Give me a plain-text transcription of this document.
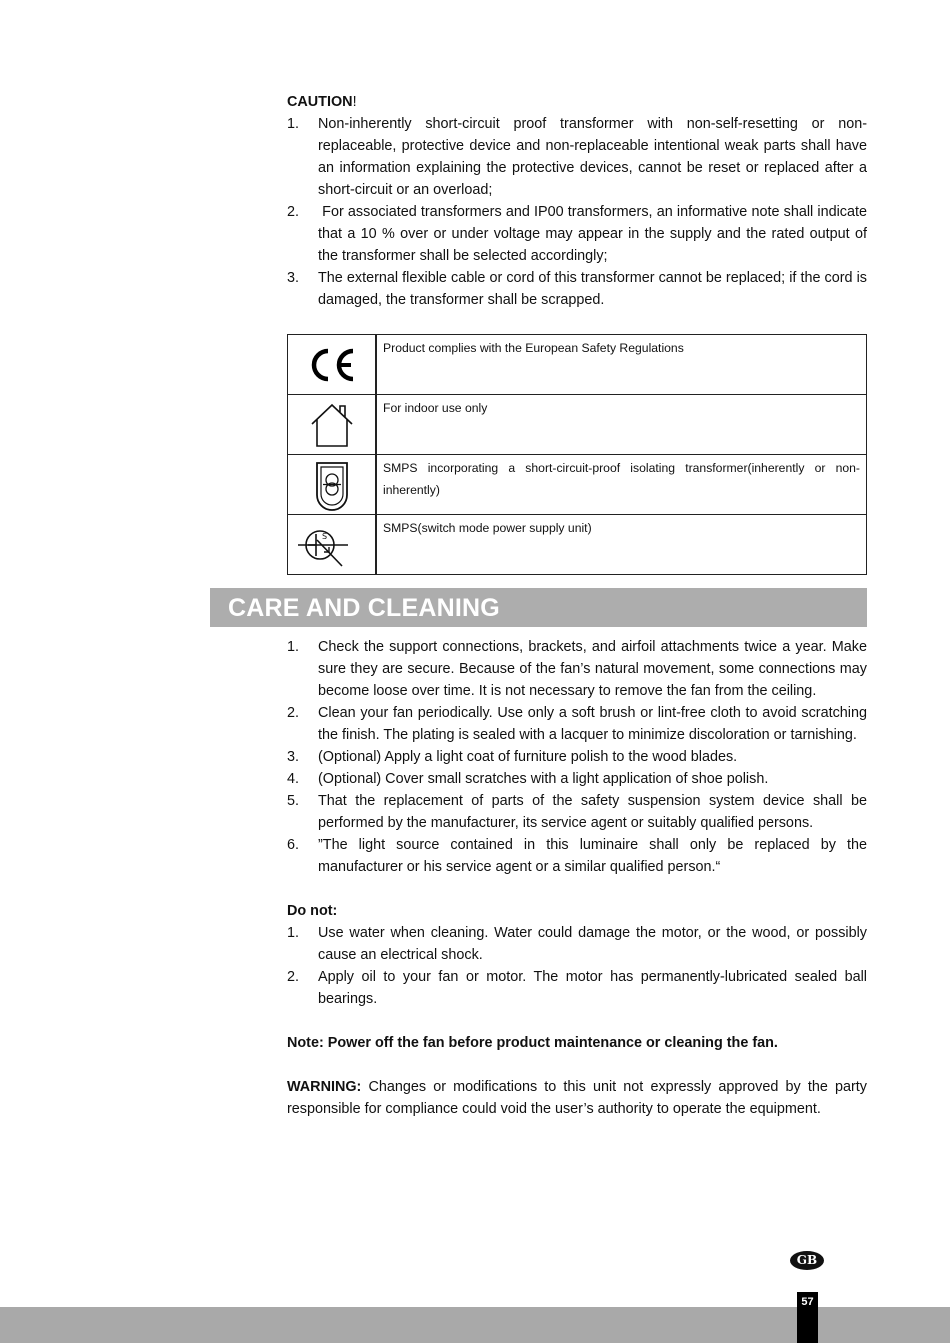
CAUTION!
1. Non-inherently short-circuit proof transformer with non-self-resetting or non-replaceable, protective device and non-replaceable intentional weak parts shall have an information explaining the protective devices, cannot be reset or replaced after a short-circuit or an overload;
2. For associated transformers and IP00 transformers, an informative note shall indicate that a 10 % over or under voltage may appear in the supply and the rated output of the transformer shall be selected accordingly;
3. The external flexible cable or cord of this transformer cannot be replaced; if the cord is damaged, the transformer shall be scrapped.
	Product complies with the European Safety Regulations

	For indoor use only

	SMPS incorporating a short-circuit-proof isolating transformer(inherently or non- inherently)

S	SMPS(switch mode power supply unit)
CARE AND CLEANING
1. Check the support connections, brackets, and airfoil attachments twice a year. Make sure they are secure. Because of the fan’s natural movement, some connections may become loose over time. It is not necessary to remove the fan from the ceiling.
2. Clean your fan periodically. Use only a soft brush or lint-free cloth to avoid scratching the finish. The plating is sealed with a lacquer to minimize discoloration or tarnishing.
3. (Optional) Apply a light coat of furniture polish to the wood blades.
4. (Optional) Cover small scratches with a light application of shoe polish.
5. That the replacement of parts of the safety suspension system device shall be performed by the manufacturer, its service agent or suitably qualified persons.
6. ”The light source contained in this luminaire shall only be replaced by the manufacturer or his service agent or a similar qualified person.“
Do not:
1. Use water when cleaning. Water could damage the motor, or the wood, or possibly cause an electrical shock.
2. Apply oil to your fan or motor. The motor has permanently-lubricated sealed ball bearings.

Note: Power off the fan before product maintenance or cleaning the fan.

WARNING: Changes or modifications to this unit not expressly approved by the party responsible for compliance could void the user’s authority to operate the equipment.

GB
57
